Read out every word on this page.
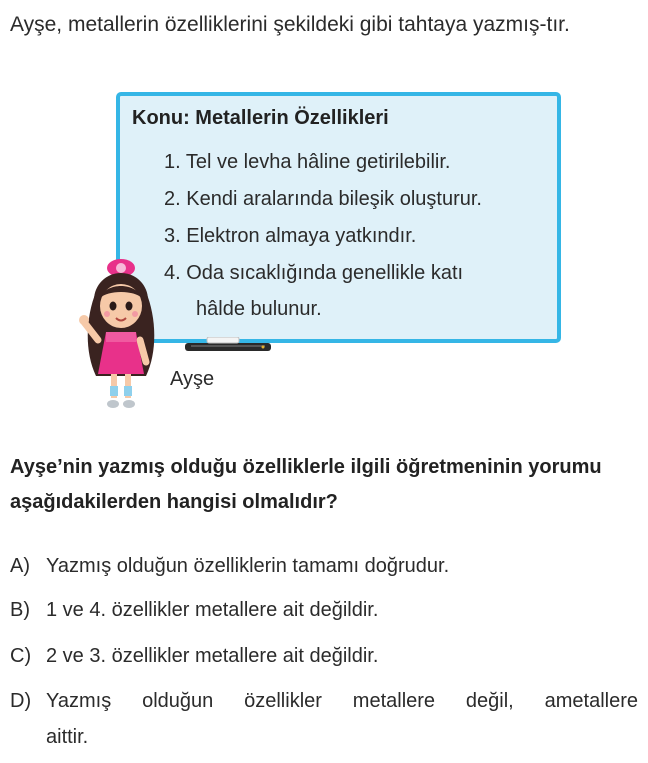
Ayşe, metallerin özelliklerini şekildeki gibi tahtaya yazmış-tır.
Konu: Metallerin Özellikleri
1. Tel ve levha hâline getirilebilir.
2. Kendi aralarında bileşik oluşturur.
3. Elektron almaya yatkındır.
4. Oda sıcaklığında genellikle katı
hâlde bulunur.
Ayşe
Ayşe’nin yazmış olduğu özelliklerle ilgili öğretmeninin yorumu aşağıdakilerden hangisi olmalıdır?
A) Yazmış olduğun özelliklerin tamamı doğrudur.
B) 1 ve 4. özellikler metallere ait değildir.
C) 2 ve 3. özellikler metallere ait değildir.
D) Yazmış olduğun özellikler metallere değil, ametallere
aittir.
